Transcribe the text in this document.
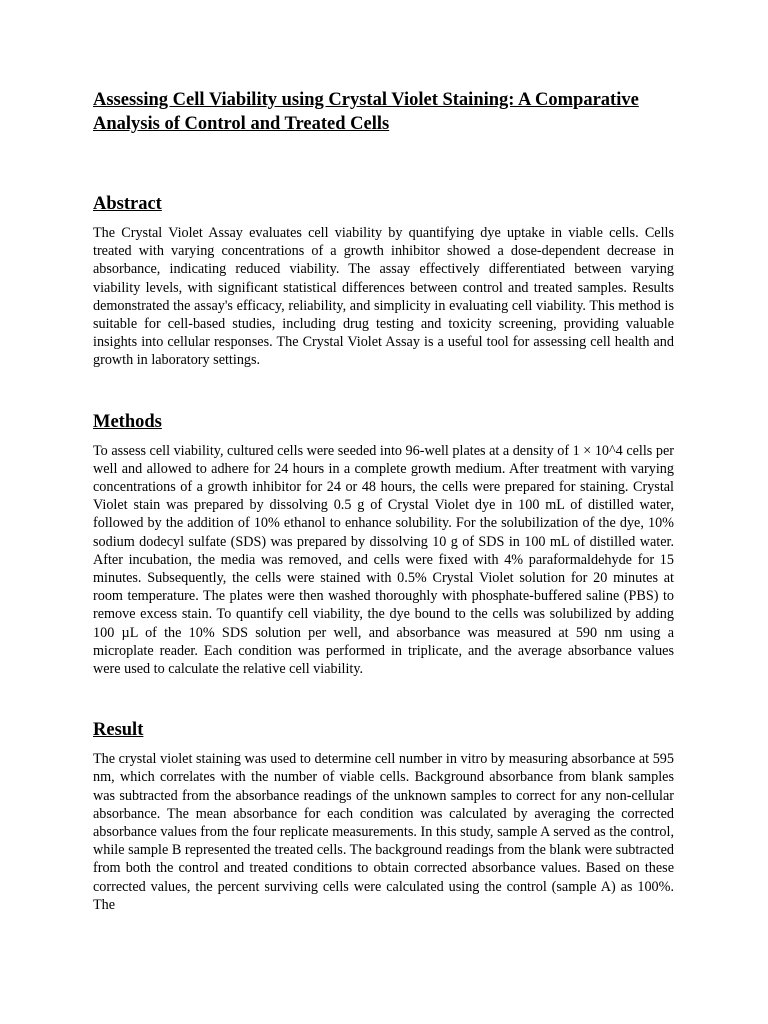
Assessing Cell Viability using Crystal Violet Staining: A Comparative Analysis of Control and Treated Cells
Abstract

The Crystal Violet Assay evaluates cell viability by quantifying dye uptake in viable cells. Cells treated with varying concentrations of a growth inhibitor showed a dose-dependent decrease in absorbance, indicating reduced viability. The assay effectively differentiated between varying viability levels, with significant statistical differences between control and treated samples. Results demonstrated the assay's efficacy, reliability, and simplicity in evaluating cell viability. This method is suitable for cell-based studies, including drug testing and toxicity screening, providing valuable insights into cellular responses. The Crystal Violet Assay is a useful tool for assessing cell health and growth in laboratory settings.

Methods

To assess cell viability, cultured cells were seeded into 96-well plates at a density of 1 × 10^4 cells per well and allowed to adhere for 24 hours in a complete growth medium. After treatment with varying concentrations of a growth inhibitor for 24 or 48 hours, the cells were prepared for staining. Crystal Violet stain was prepared by dissolving 0.5 g of Crystal Violet dye in 100 mL of distilled water, followed by the addition of 10% ethanol to enhance solubility. For the solubilization of the dye, 10% sodium dodecyl sulfate (SDS) was prepared by dissolving 10 g of SDS in 100 mL of distilled water. After incubation, the media was removed, and cells were fixed with 4% paraformaldehyde for 15 minutes. Subsequently, the cells were stained with 0.5% Crystal Violet solution for 20 minutes at room temperature. The plates were then washed thoroughly with phosphate-buffered saline (PBS) to remove excess stain. To quantify cell viability, the dye bound to the cells was solubilized by adding 100 µL of the 10% SDS solution per well, and absorbance was measured at 590 nm using a microplate reader. Each condition was performed in triplicate, and the average absorbance values were used to calculate the relative cell viability.

Result

The crystal violet staining was used to determine cell number in vitro by measuring absorbance at 595 nm, which correlates with the number of viable cells. Background absorbance from blank samples was subtracted from the absorbance readings of the unknown samples to correct for any non-cellular absorbance. The mean absorbance for each condition was calculated by averaging the corrected absorbance values from the four replicate measurements. In this study, sample A served as the control, while sample B represented the treated cells. The background readings from the blank were subtracted from both the control and treated conditions to obtain corrected absorbance values. Based on these corrected values, the percent surviving cells were calculated using the control (sample A) as 100%. The
